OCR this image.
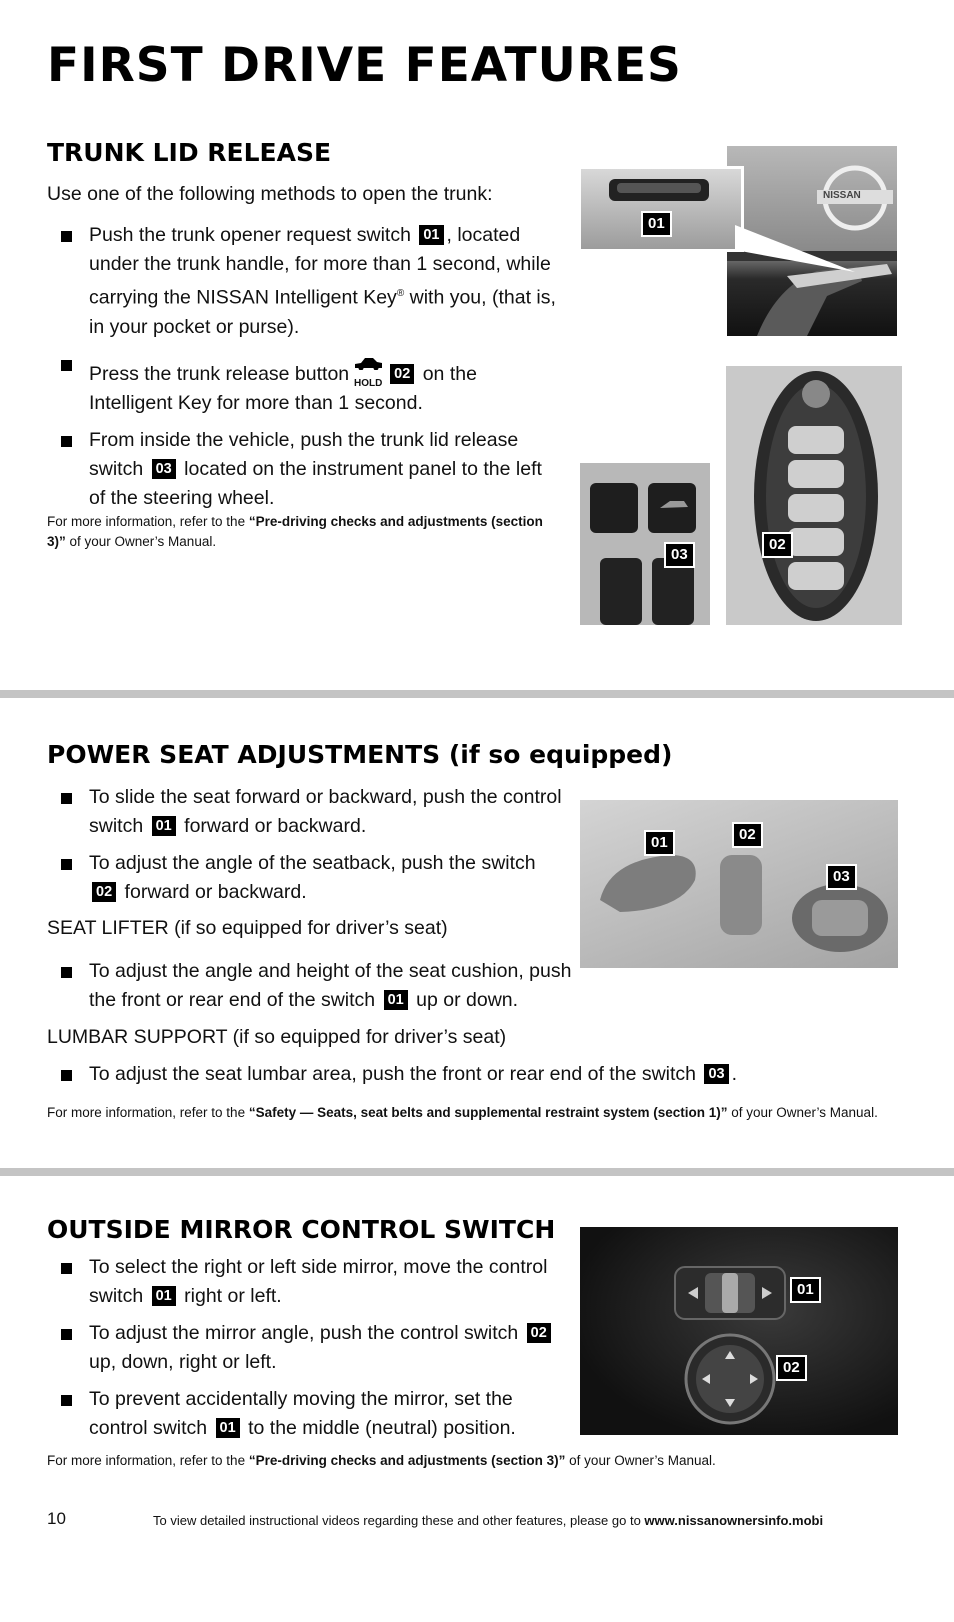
FIRST DRIVE FEATURES
TRUNK LID RELEASE

Use one of the following methods to open the trunk:

Push the trunk opener request switch 01 , located under the trunk handle, for more than 1 second, while carrying the NISSAN Intelligent Key® with you, (that is, in your pocket or purse).
Press the trunk release button HOLD
02 on the Intelligent Key for more than 1 second.
From inside the vehicle, push the trunk lid release switch 03 located on the instrument panel to the left of the steering wheel.

For more information, refer to the “Pre-driving checks and adjustments (section 3)” of your Owner’s Manual.

NISSAN
01
03
02
POWER SEAT ADJUSTMENTS (if so equipped)
To slide the seat forward or backward, push the control switch 01 forward or backward.
To adjust the angle of the seatback, push the switch 02 forward or backward.

SEAT LIFTER (if so equipped for driver’s seat)

To adjust the angle and height of the seat cushion, push the front or rear end of the switch 01 up or down.

LUMBAR SUPPORT (if so equipped for driver’s seat)

To adjust the seat lumbar area, push the front or rear end of the switch 03 .

For more information, refer to the “Safety — Seats, seat belts and supplemental restraint system (section 1)” of your Owner’s Manual.

01	02
03
OUTSIDE MIRROR CONTROL SWITCH
To select the right or left side mirror, move the control switch 01 right or left.
To adjust the mirror angle, push the control switch 02 up, down, right or left.
To prevent accidentally moving the mirror, set the control switch 01 to the middle (neutral) position.
01
02

For more information, refer to the “Pre-driving checks and adjustments (section 3)” of your Owner’s Manual.

10	To view detailed instructional videos regarding these and other features, please go to www.nissanownersinfo.mobi
